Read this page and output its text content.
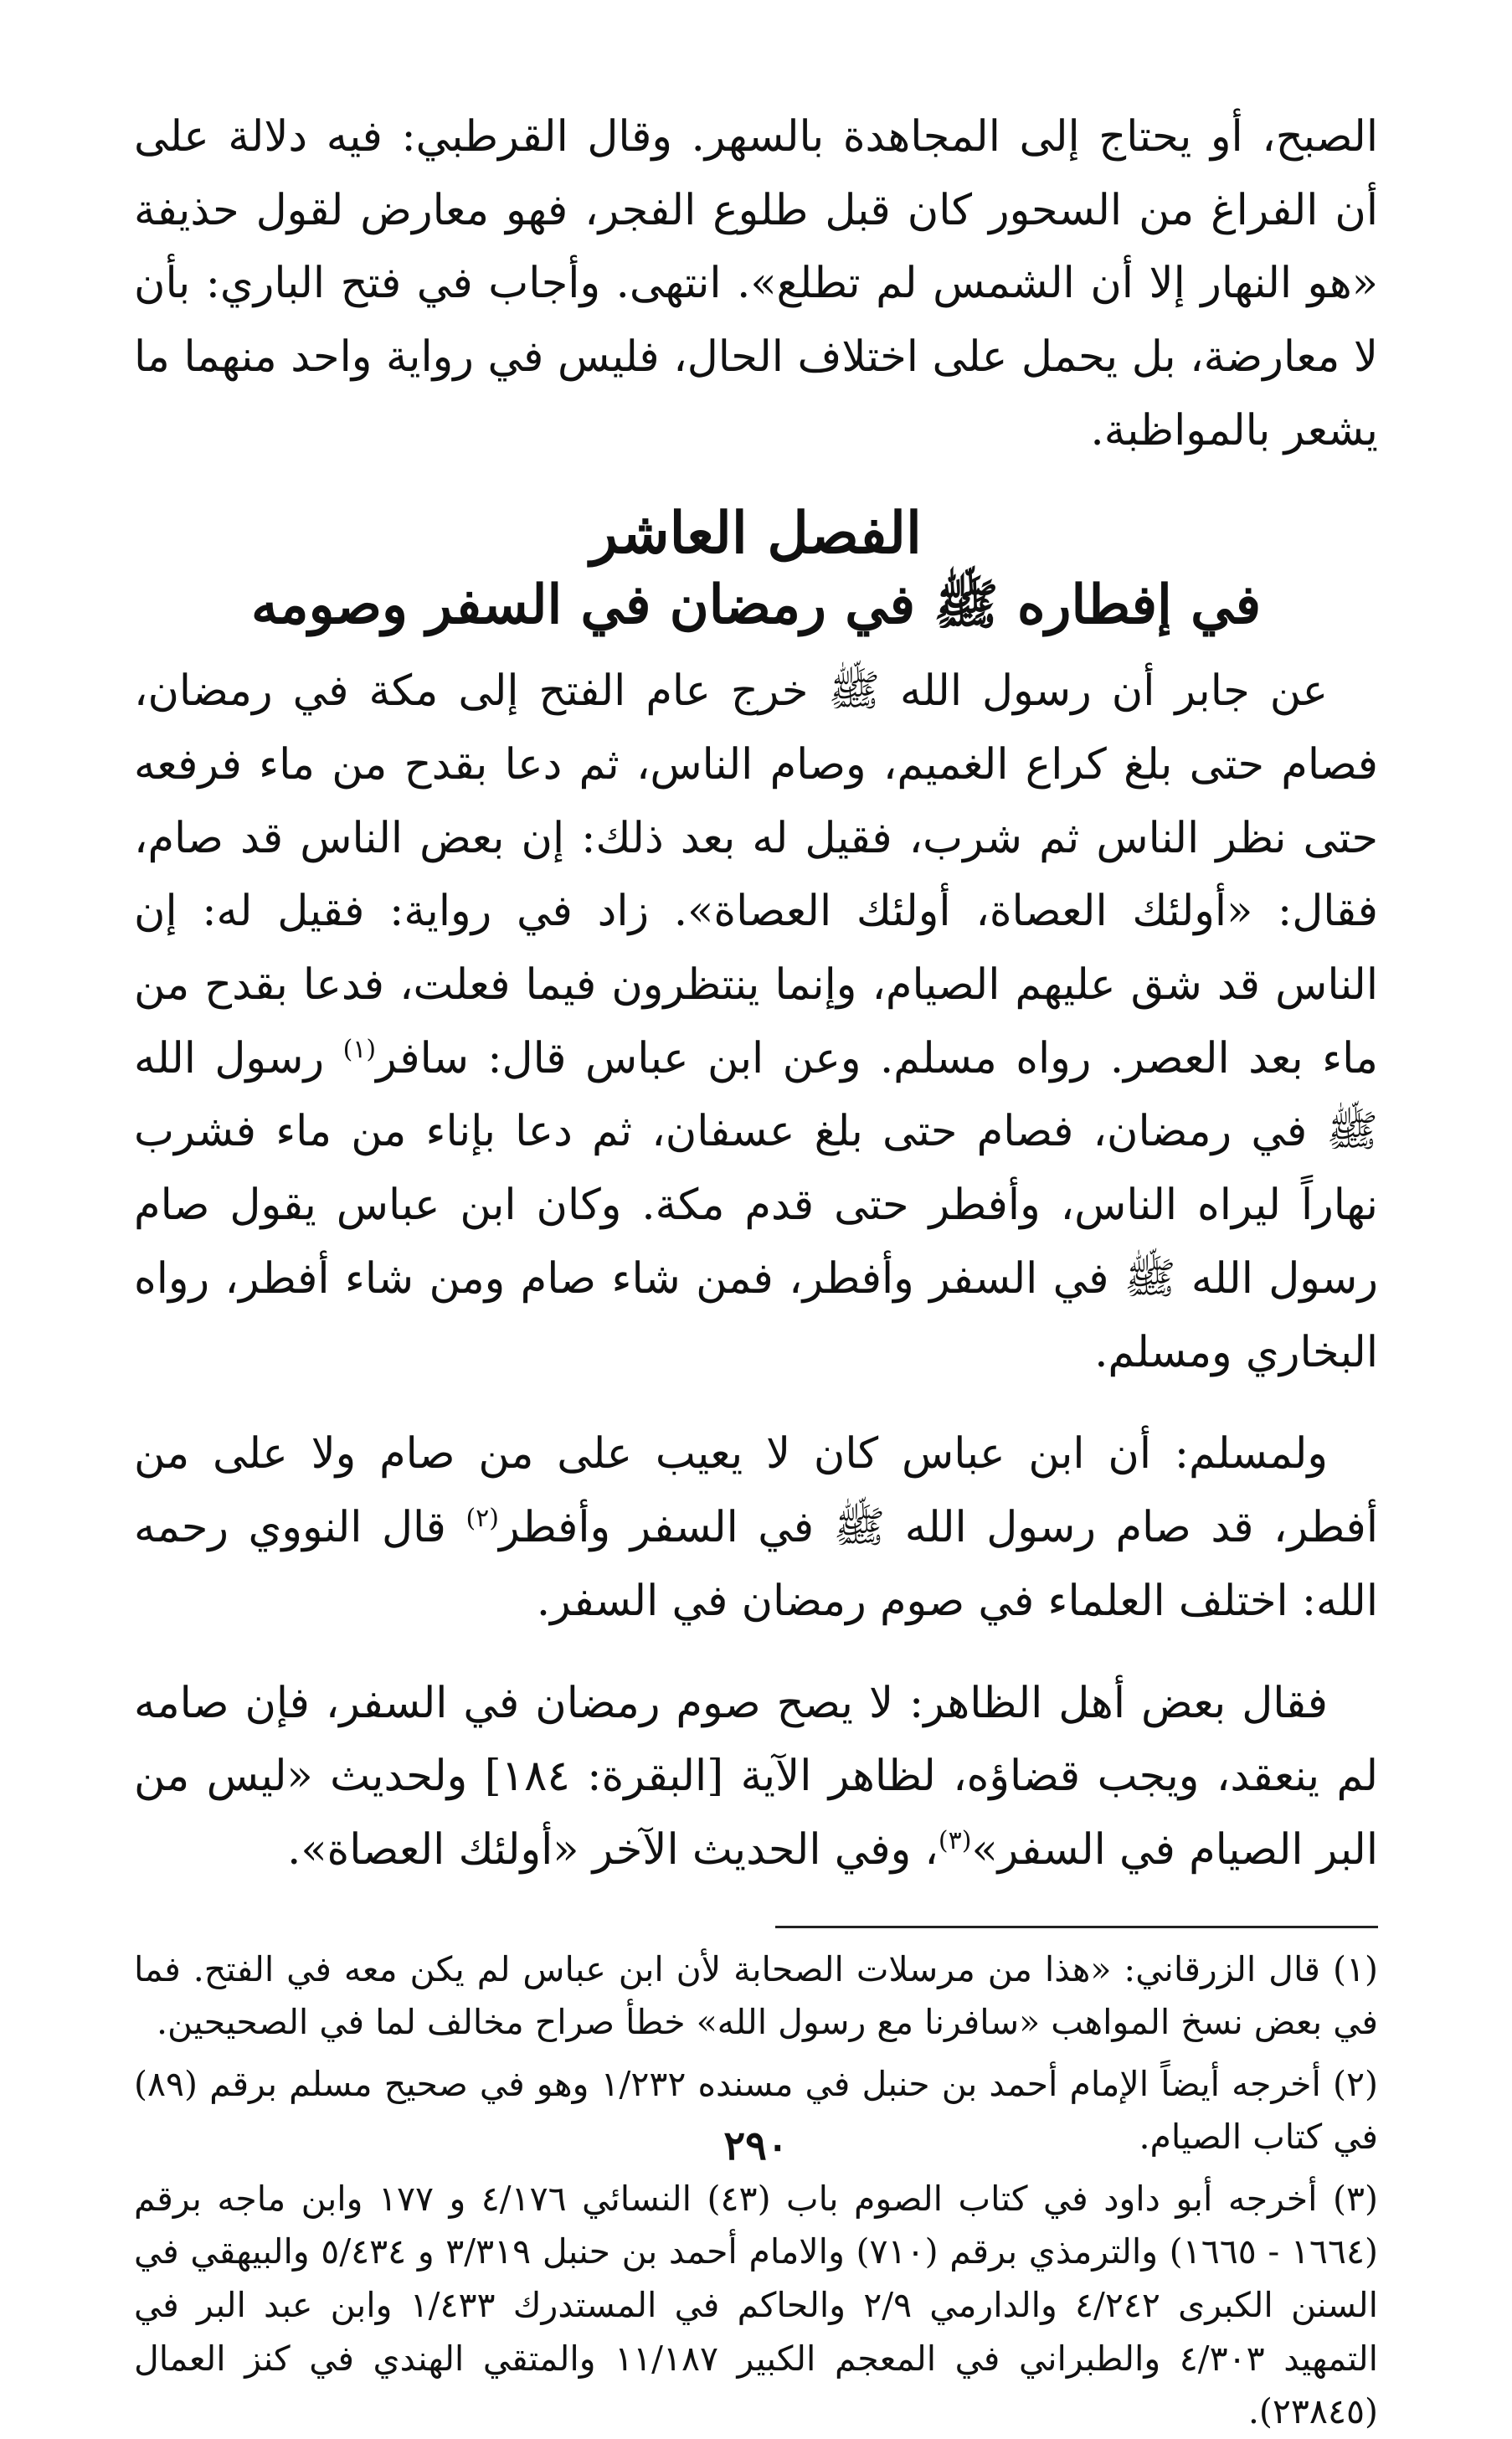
الصبح، أو يحتاج إلى المجاهدة بالسهر. وقال القرطبي: فيه دلالة على أن الفراغ من السحور كان قبل طلوع الفجر، فهو معارض لقول حذيفة «هو النهار إلا أن الشمس لم تطلع». انتهى. وأجاب في فتح الباري: بأن لا معارضة، بل يحمل على اختلاف الحال، فليس في رواية واحد منهما ما يشعر بالمواظبة.

الفصل العاشر
في إفطاره ﷺ في رمضان في السفر وصومه

عن جابر أن رسول الله ﷺ خرج عام الفتح إلى مكة في رمضان، فصام حتى بلغ كراع الغميم، وصام الناس، ثم دعا بقدح من ماء فرفعه حتى نظر الناس ثم شرب، فقيل له بعد ذلك: إن بعض الناس قد صام، فقال: «أولئك العصاة، أولئك العصاة». زاد في رواية: فقيل له: إن الناس قد شق عليهم الصيام، وإنما ينتظرون فيما فعلت، فدعا بقدح من ماء بعد العصر. رواه مسلم. وعن ابن عباس قال: سافر$^{(١)}$ رسول الله ﷺ في رمضان، فصام حتى بلغ عسفان، ثم دعا بإناء من ماء فشرب نهاراً ليراه الناس، وأفطر حتى قدم مكة. وكان ابن عباس يقول صام رسول الله ﷺ في السفر وأفطر، فمن شاء صام ومن شاء أفطر، رواه البخاري ومسلم.

ولمسلم: أن ابن عباس كان لا يعيب على من صام ولا على من أفطر، قد صام رسول الله ﷺ في السفر وأفطر$^{(٢)}$ قال النووي رحمه الله: اختلف العلماء في صوم رمضان في السفر.

فقال بعض أهل الظاهر: لا يصح صوم رمضان في السفر، فإن صامه لم ينعقد، ويجب قضاؤه، لظاهر الآية [البقرة: ١٨٤] ولحديث «ليس من البر الصيام في السفر»$^{(٣)}$، وفي الحديث الآخر «أولئك العصاة».

(١) قال الزرقاني: «هذا من مرسلات الصحابة لأن ابن عباس لم يكن معه في الفتح. فما في بعض نسخ المواهب «سافرنا مع رسول الله» خطأ صراح مخالف لما في الصحيحين.

(٢) أخرجه أيضاً الإمام أحمد بن حنبل في مسنده ١/٢٣٢ وهو في صحيح مسلم برقم (٨٩) في كتاب الصيام.

(٣) أخرجه أبو داود في كتاب الصوم باب (٤٣) النسائي ٤/١٧٦ و ١٧٧ وابن ماجه برقم (١٦٦٤ - ١٦٦٥) والترمذي برقم (٧١٠) والامام أحمد بن حنبل ٣/٣١٩ و ٥/٤٣٤ والبيهقي في السنن الكبرى ٤/٢٤٢ والدارمي ٢/٩ والحاكم في المستدرك ١/٤٣٣ وابن عبد البر في التمهيد ٤/٣٠٣ والطبراني في المعجم الكبير ١١/١٨٧ والمتقي الهندي في كنز العمال (٢٣٨٤٥).

٢٩٠
